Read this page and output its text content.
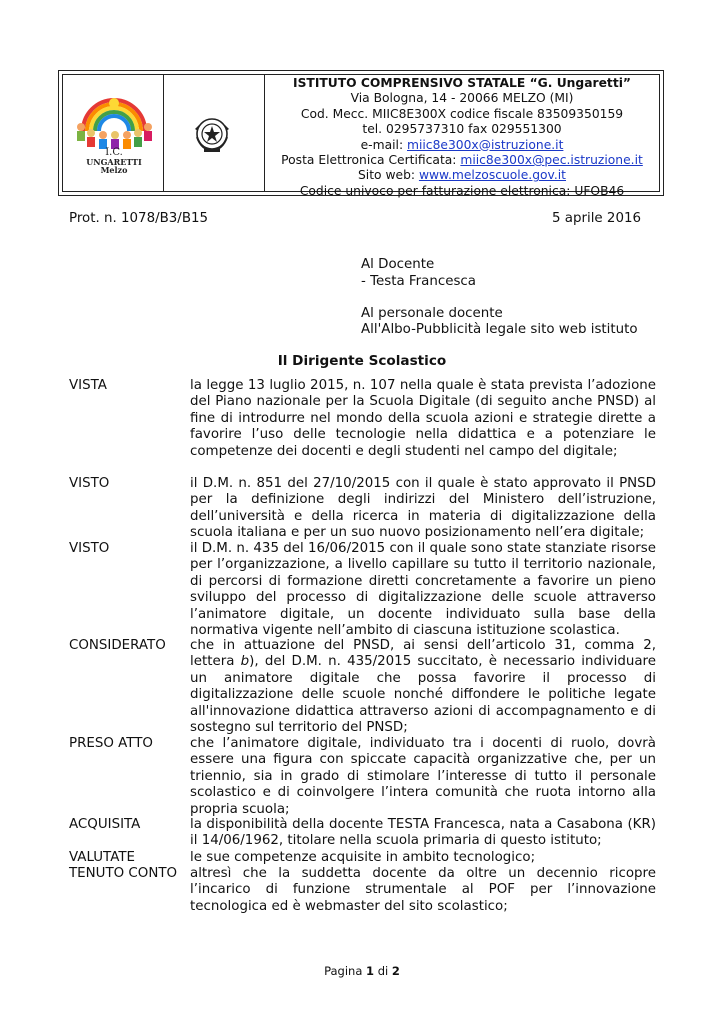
I.C.
UNGARETTI
Melzo
ISTITUTO COMPRENSIVO STATALE “G. Ungaretti”
Via Bologna, 14 - 20066 MELZO (MI)
Cod. Mecc. MIIC8E300X codice fiscale 83509350159
tel. 0295737310 fax 029551300
e-mail: miic8e300x@istruzione.it
Posta Elettronica Certificata: miic8e300x@pec.istruzione.it
Sito web: www.melzoscuole.gov.it
Codice univoco per fatturazione elettronica: UFOB46
Prot. n. 1078/B3/B15	5 aprile 2016
Al Docente
- Testa Francesca
Al personale docente
All'Albo-Pubblicità legale sito web istituto
Il Dirigente Scolastico
VISTA	la legge 13 luglio 2015, n. 107 nella quale è stata prevista l’adozione del Piano nazionale per la Scuola Digitale (di seguito anche PNSD) al fine di introdurre nel mondo della scuola azioni e strategie dirette a favorire l’uso delle tecnologie nella didattica e a potenziare le competenze dei docenti e degli studenti nel campo del digitale;
VISTO	il D.M. n. 851 del 27/10/2015 con il quale è stato approvato il PNSD per la definizione degli indirizzi del Ministero dell’istruzione, dell’università e della ricerca in materia di digitalizzazione della scuola italiana e per un suo nuovo posizionamento nell’era digitale;
VISTO	il D.M. n. 435 del 16/06/2015 con il quale sono state stanziate risorse per l’organizzazione, a livello capillare su tutto il territorio nazionale, di percorsi di formazione diretti concretamente a favorire un pieno sviluppo del processo di digitalizzazione delle scuole attraverso l’animatore digitale, un docente individuato sulla base della normativa vigente nell’ambito di ciascuna istituzione scolastica.
CONSIDERATO che in attuazione del PNSD, ai sensi dell’articolo 31, comma 2, lettera b), del D.M. n. 435/2015 succitato, è necessario individuare un animatore digitale che possa favorire il processo di digitalizzazione delle scuole nonché diffondere le politiche legate all'innovazione didattica attraverso azioni di accompagnamento e di sostegno sul territorio del PNSD;
PRESO ATTO	che l’animatore digitale, individuato tra i docenti di ruolo, dovrà essere una figura con spiccate capacità organizzative che, per un triennio, sia in grado di stimolare l’interesse di tutto il personale scolastico e di coinvolgere l’intera comunità che ruota intorno alla propria scuola;
ACQUISITA	la disponibilità della docente TESTA Francesca, nata a Casabona (KR) il 14/06/1962, titolare nella scuola primaria di questo istituto;
VALUTATE	le sue competenze acquisite in ambito tecnologico;
TENUTO CONTO altresì che la suddetta docente da oltre un decennio ricopre l’incarico di funzione strumentale al POF per l’innovazione tecnologica ed è webmaster del sito scolastico;
Pagina 1 di 2
